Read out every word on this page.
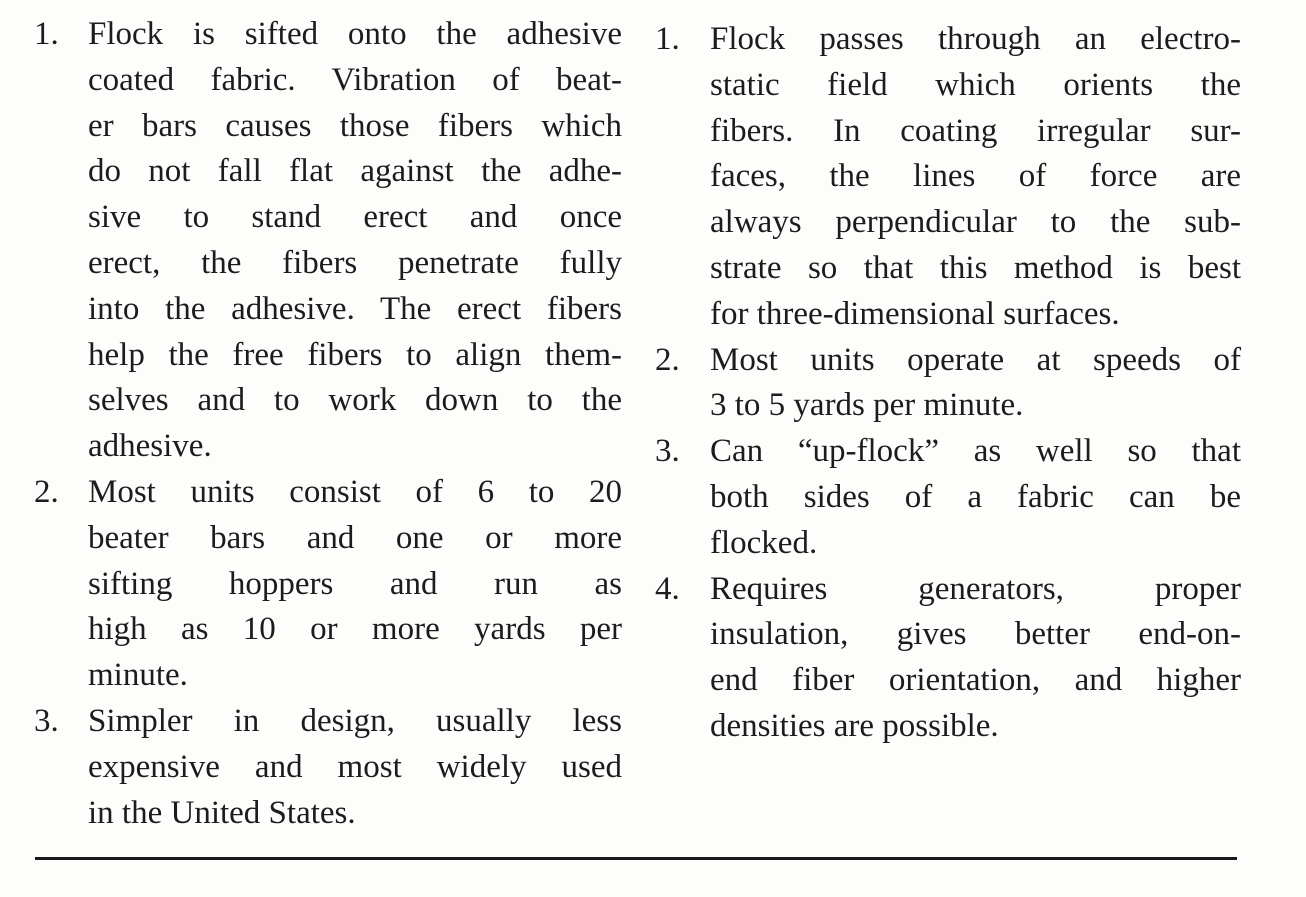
1. Flock is sifted onto the adhesive
coated fabric. Vibration of beat-
er bars causes those fibers which
do not fall flat against the adhe-
sive to stand erect and once
erect, the fibers penetrate fully
into the adhesive. The erect fibers
help the free fibers to align them-
selves and to work down to the
adhesive.
2. Most units consist of 6 to 20
beater bars and one or more
sifting hoppers and run as
high as 10 or more yards per
minute.
3. Simpler in design, usually less
expensive and most widely used
in the United States.
1. Flock passes through an electro-
static field which orients the
fibers. In coating irregular sur-
faces, the lines of force are
always perpendicular to the sub-
strate so that this method is best
for three-dimensional surfaces.
2. Most units operate at speeds of
3 to 5 yards per minute.
3. Can “up-flock” as well so that
both sides of a fabric can be
flocked.
4. Requires generators, proper
insulation, gives better end-on-
end fiber orientation, and higher
densities are possible.
